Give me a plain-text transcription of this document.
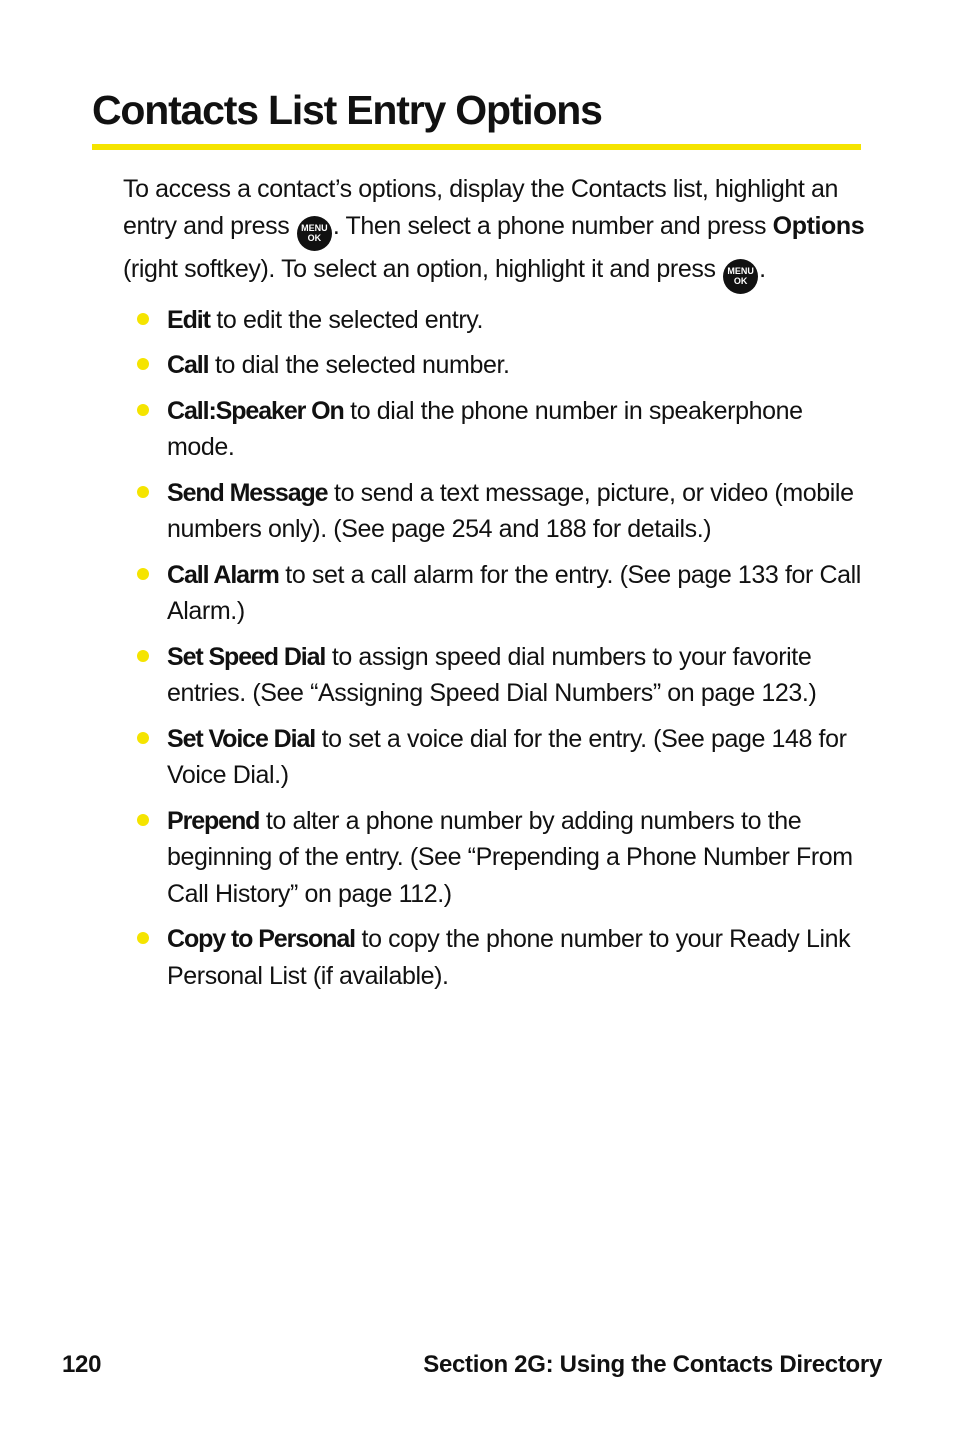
Contacts List Entry Options

To access a contact’s options, display the Contacts list, highlight an entry and press MENU
OK . Then select a phone number and press Options (right softkey). To select an option, highlight it and press MENU
OK .

Edit to edit the selected entry.
Call to dial the selected number.
Call:Speaker On to dial the phone number in speakerphone mode.
Send Message to send a text message, picture, or video (mobile numbers only). (See page 254 and 188 for details.)
Call Alarm to set a call alarm for the entry. (See page 133 for Call Alarm.)
Set Speed Dial to assign speed dial numbers to your favorite entries. (See “Assigning Speed Dial Numbers” on page 123.)
Set Voice Dial to set a voice dial for the entry. (See page 148 for Voice Dial.)
Prepend to alter a phone number by adding numbers to the beginning of the entry. (See “Prepending a Phone Number From Call History” on page 112.)
Copy to Personal to copy the phone number to your Ready Link Personal List (if available).
120	Section 2G: Using the Contacts Directory
